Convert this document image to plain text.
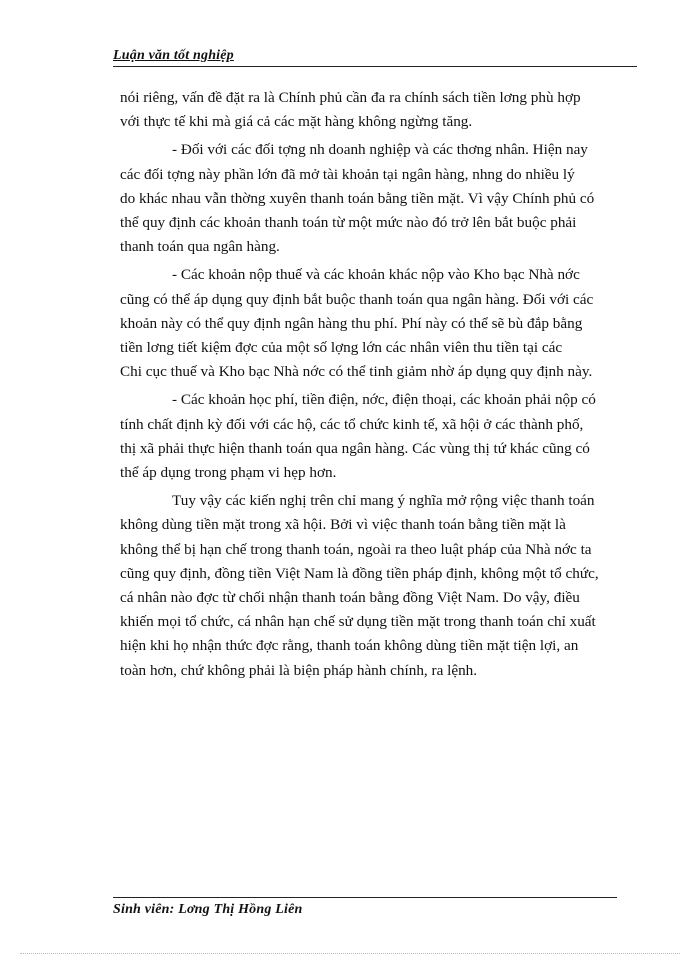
Luận văn tốt nghiệp

nói riêng, vấn đề đặt ra là Chính phủ cần đa ra chính sách tiền lơng phù hợp
với thực tế khi mà giá cả các mặt hàng không ngừng tăng.

- Đối với các đối tợng nh doanh nghiệp và các thơng nhân. Hiện nay
các đối tợng này phần lớn đã mở tài khoản tại ngân hàng, nhng do nhiều lý
do khác nhau vẫn thờng xuyên thanh toán bằng tiền mặt. Vì vậy Chính phủ có
thể quy định các khoản thanh toán từ một mức nào đó trở lên bắt buộc phải
thanh toán qua ngân hàng.

- Các khoản nộp thuế và các khoản khác nộp vào Kho bạc Nhà nớc
cũng có thể áp dụng quy định bắt buộc thanh toán qua ngân hàng. Đối với các
khoản này có thể quy định ngân hàng thu phí. Phí này có thể sẽ bù đắp bằng
tiền lơng tiết kiệm đợc của một số lợng lớn các nhân viên thu tiền tại các
Chi cục thuế và Kho bạc Nhà nớc có thể tinh giảm nhờ áp dụng quy định này.

- Các khoản học phí, tiền điện, nớc, điện thoại, các khoản phải nộp có
tính chất định kỳ đối với các hộ, các tổ chức kinh tế, xã hội ở các thành phố,
thị xã phải thực hiện thanh toán qua ngân hàng. Các vùng thị tứ khác cũng có
thể áp dụng trong phạm vi hẹp hơn.

Tuy vậy các kiến nghị trên chỉ mang ý nghĩa mở rộng việc thanh toán
không dùng tiền mặt trong xã hội. Bởi vì việc thanh toán bằng tiền mặt là
không thể bị hạn chế trong thanh toán, ngoài ra theo luật pháp của Nhà nớc ta
cũng quy định, đồng tiền Việt Nam là đồng tiền pháp định, không một tổ chức,
cá nhân nào đợc từ chối nhận thanh toán bằng đồng Việt Nam. Do vậy, điều
khiến mọi tổ chức, cá nhân hạn chế sử dụng tiền mặt trong thanh toán chỉ xuất
hiện khi họ nhận thức đợc rằng, thanh toán không dùng tiền mặt tiện lợi, an
toàn hơn, chứ không phải là biện pháp hành chính, ra lệnh.

Sinh viên: Lơng Thị Hồng Liên
